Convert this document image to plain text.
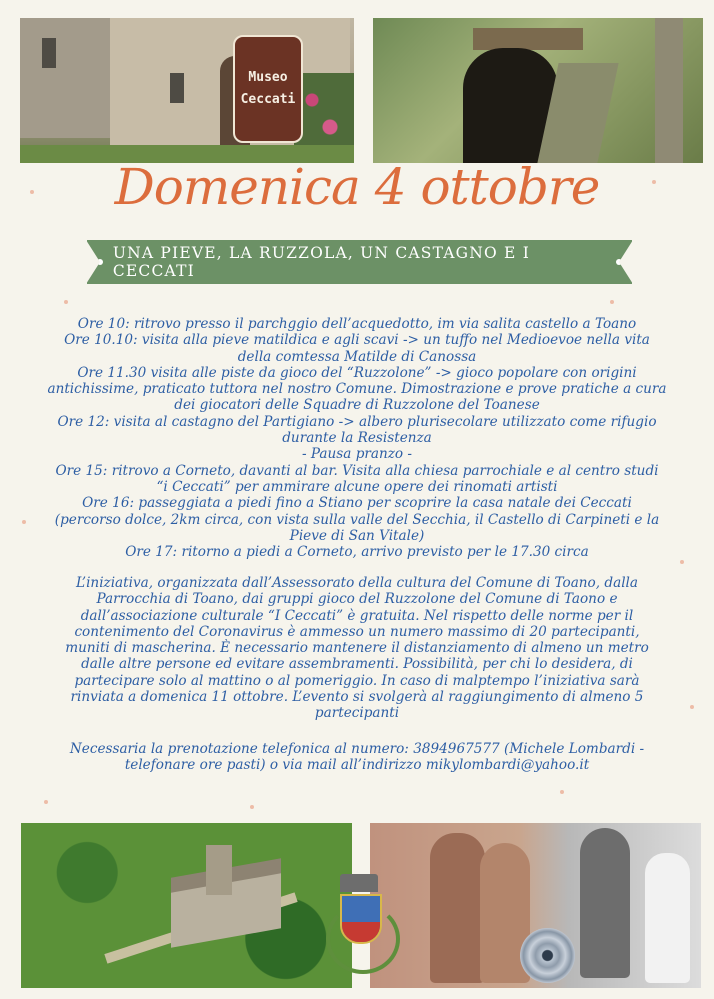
Museo
Ceccati
Domenica 4 ottobre
UNA PIEVE, LA RUZZOLA, UN CASTAGNO E I CECCATI
Ore 10: ritrovo presso il parchggio dell’acquedotto, im via salita castello a Toano
Ore 10.10: visita alla pieve matildica e agli scavi -> un tuffo nel Medioevoe nella vita
della comtessa Matilde di Canossa
Ore 11.30 visita alle piste da gioco del “Ruzzolone” -> gioco popolare con origini
antichissime, praticato tuttora nel nostro Comune. Dimostrazione e prove pratiche a cura
dei giocatori delle Squadre di Ruzzolone del Toanese
Ore 12: visita al castagno del Partigiano -> albero plurisecolare utilizzato come rifugio
durante la Resistenza
- Pausa pranzo -
Ore 15: ritrovo a Corneto, davanti al bar. Visita alla chiesa parrochiale e al centro studi
“i Ceccati” per ammirare alcune opere dei rinomati artisti
Ore 16: passeggiata a piedi fino a Stiano per scoprire la casa natale dei Ceccati
(percorso dolce, 2km circa, con vista sulla valle del Secchia, il Castello di Carpineti e la
Pieve di San Vitale)
Ore 17: ritorno a piedi a Corneto, arrivo previsto per le 17.30 circa
L’iniziativa, organizzata dall’Assessorato della cultura del Comune di Toano, dalla
Parrocchia di Toano, dai gruppi gioco del Ruzzolone del Comune di Taono e
dall’associazione culturale “I Ceccati” è gratuita. Nel rispetto delle norme per il
contenimento del Coronavirus è ammesso un numero massimo di 20 partecipanti,
muniti di mascherina. È necessario mantenere il distanziamento di almeno un metro
dalle altre persone ed evitare assembramenti. Possibilità, per chi lo desidera, di
partecipare solo al mattino o al pomeriggio. In caso di malptempo l’iniziativa sarà
rinviata a domenica 11 ottobre. L’evento si svolgerà al raggiungimento di almeno 5
partecipanti
Necessaria la prenotazione telefonica al numero: 3894967577 (Michele Lombardi -
telefonare ore pasti) o via mail all’indirizzo mikylombardi@yahoo.it
